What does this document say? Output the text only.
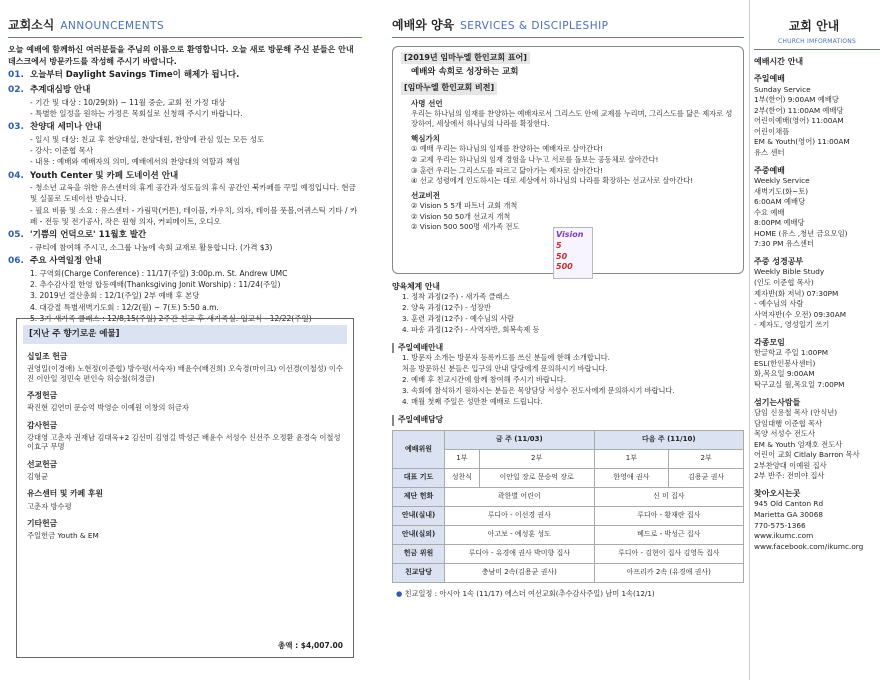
교회소식 ANNOUNCEMENTS
오늘 예배에 함께하신 여러분들을 주님의 이름으로 환영합니다. 오늘 새로 방문해 주신 분들은 안내 데스크에서 방문카드를 작성해 주시기 바랍니다.
01. 오늘부터 Daylight Savings Time이 해제가 됩니다.
02. 추계대심방 안내
- 기간 및 대상 : 10/29(화) ~ 11월 중순, 교회 전 가정 대상
- 특별한 일정을 원하는 가정은 목회실로 신청해 주시기 바랍니다.
03. 찬양대 세미나 안내
- 일시 및 대상: 친교 후 찬양대실, 찬양대원, 찬양에 관심 있는 모든 성도
- 강사: 이준협 목사
- 내용 : 예배와 예배자의 의미, 예배에서의 찬양대의 역할과 책임
04. Youth Center 및 카페 도네이션 안내
- 청소년 교육을 위한 유스센터의 휴게 공간과 성도들의 휴식 공간인 북카페를 꾸밀 예정입니다. 현금 및 실물로 도네이션 받습니다.
- 필요 비품 및 소요 : 유스센터 - 가림막(커튼), 테이블, 카우치, 의자, 테이블 풋볼,어퀴스틱 기타 / 카페 - 전등 및 전기공사, 작은 원형 의자, 커피메이트, 오디오
05. '기쁨의 언덕으로' 11월호 발간
- 큐티에 참여해 주시고, 소그룹 나눔에 속회 교재로 활용합니다. (가격 $3)
06. 주요 사역일정 안내
1. 구역회(Charge Conference) : 11/17(주일) 3:00p.m. St. Andrew UMC
2. 추수감사절 한영 합동예배(Thanksgiving Jonit Worship) : 11/24(주일)
3. 2019년 결산총회 : 12/1(주일) 2부 예배 후 본당
4. 대강절 특별새벽기도회 : 12/2(월) ~ 7(토) 5:50 a.m.
5. 3기 새가족 클래스 : 12/8,15(주일) 2주간 친교 후 새가족실. 입교식 - 12/22(주일)
[지난 주 향기로운 예물]
십일조 헌금
권영일(이경애) 노현정(이준협) 방수평(서숙자) 배윤수(배진희) 오숙경(마이크) 이선경(이철성) 이수진 이안일 정민숙 편인숙 허승철(허경금)
주정헌금
곽진현 김연미 문승억 박영순 이예원 이창의 허금자
감사헌금
강대영 고춘자 권재남 김대욱+2 김선미 김영길 박성근 배윤수 서성수 신선주 오정환 윤경숙 이철성 이효구 무명
선교헌금
김형균
유스센터 및 카페 후원
고춘자 방수평
기타헌금
주일헌금 Youth & EM
총액 : $4,007.00
예배와 양육 SERVICES & DISCIPLESHIP
[2019년 임마누엘 한인교회 표어]
예배와 속회로 성장하는 교회
[임마누엘 한인교회 비전]
사명 선언
우리는 하나님의 임재를 찬양하는 예배자로서 그리스도 안에 교제를 누리며, 그리스도를 닮은 제자로 성장하여, 세상에서 하나님의 나라를 확장한다.
핵심가치
① 예배 우리는 하나님의 임재를 찬양하는 예배자로 살아간다!
② 교제 우리는 하나님의 임재 경험을 나누고 서로를 돌보는 공동체로 살아간다!
③ 훈련 우리는 그리스도를 따르고 닮아가는 제자로 살아간다!
④ 선교 성령에게 인도하시는 대로 세상에서 하나님의 나라를 확장하는 선교사로 살아간다!
선교비전
② Vision 5 5개 파트너 교회 개척
② Vision 50 50개 선교지 개척
② Vision 500 500명 새가족 전도
Vision
5
50
500

양육체계 안내
1. 정착 과정(2주) - 새가족 클래스
2. 양육 과정(12주) - 성장반
3. 훈련 과정(12주) - 예수님의 사람
4. 파송 과정(12주) - 사역자반, 회복속제 등
주일예배안내
1. 방문자 소개는 방문자 등록카드를 쓰신 분들에 한해 소개합니다.
처음 방문하신 분들은 입구의 안내 담당에게 문의하시기 바랍니다.
2. 예배 후 친교시간에 함께 참여해 주시기 바랍니다.
3. 속회에 참석하기 원하시는 분들은 목양담당 서성수 전도사에게 문의하시기 바랍니다.
4. 매월 첫째 주일은 성만찬 예배로 드립니다.
주일예배담당
예배위원	금 주 (11/03)		다음 주 (11/10)	
	1부	2부	1부	2부
대표 기도	성찬식	이안일 장로 문승억 장로	한영애 권사	김용균 권사
제단 헌화	곽한별 어린이		신 미 집사	
안내(실내)	루디아 - 이선경 권사		루디아 - 황재란 집사	
안내(실외)	아고보 - 예성훈 성도		베드로 - 박성근 집사	
헌금 위원	루디아 - 유경애 권사 박미향 집사		루디아 - 김현이 집사 김영독 집사	
친교담당	충남미 2속(김용균 권사)		아프리카 2속 (유경애 권사)	
● 친교일정 : 아시아 1속 (11/17) 에스더 여선교회(추수감사주일) 남미 1속(12/1)
교회 안내
CHURCH IMFORMATIONS
예배시간 안내
주일예배
Sunday Service
1부(한어) 9:00AM 예배당
2부(한어) 11:00AM 예배당
어린이예배(영어) 11:00AM
어린이채플
EM & Youth(영어) 11:00AM
유스 센터
주중예배
Weekly Service
새벽기도(화~토)
6:00AM 예배당
수요 예배
8:00PM 예배당
HOME (유스 ,청년 금요모임)
7:30 PM 유스센터
주중 성경공부
Weekly Bible Study
(인도 이준협 목사)
제자반(화 저녁) 07:30PM
- 예수님의 사람
사역자반(수 오전) 09:30AM
- 제자도, 영성일기 쓰기
각종모임
한글학교 주일 1:00PM
ESL(한인봉사센터)
화,목요일 9:00AM
탁구교실 월,목요일 7:00PM
섬기는사람들
담임 신용철 목사 (안식년)
담임대행 이준협 목사
목양 서성수 전도사
EM & Youth 엄재호 전도사
어린이 교회 Citlaly Barron 목사
2부찬양대 이예원 집사
2부 반주: 전미야 집사
찾아오시는곳
945 Old Canton Rd
Marietta GA 30068
770-575-1366
www.ikumc.com
www.facebook.com/ikumc.org
